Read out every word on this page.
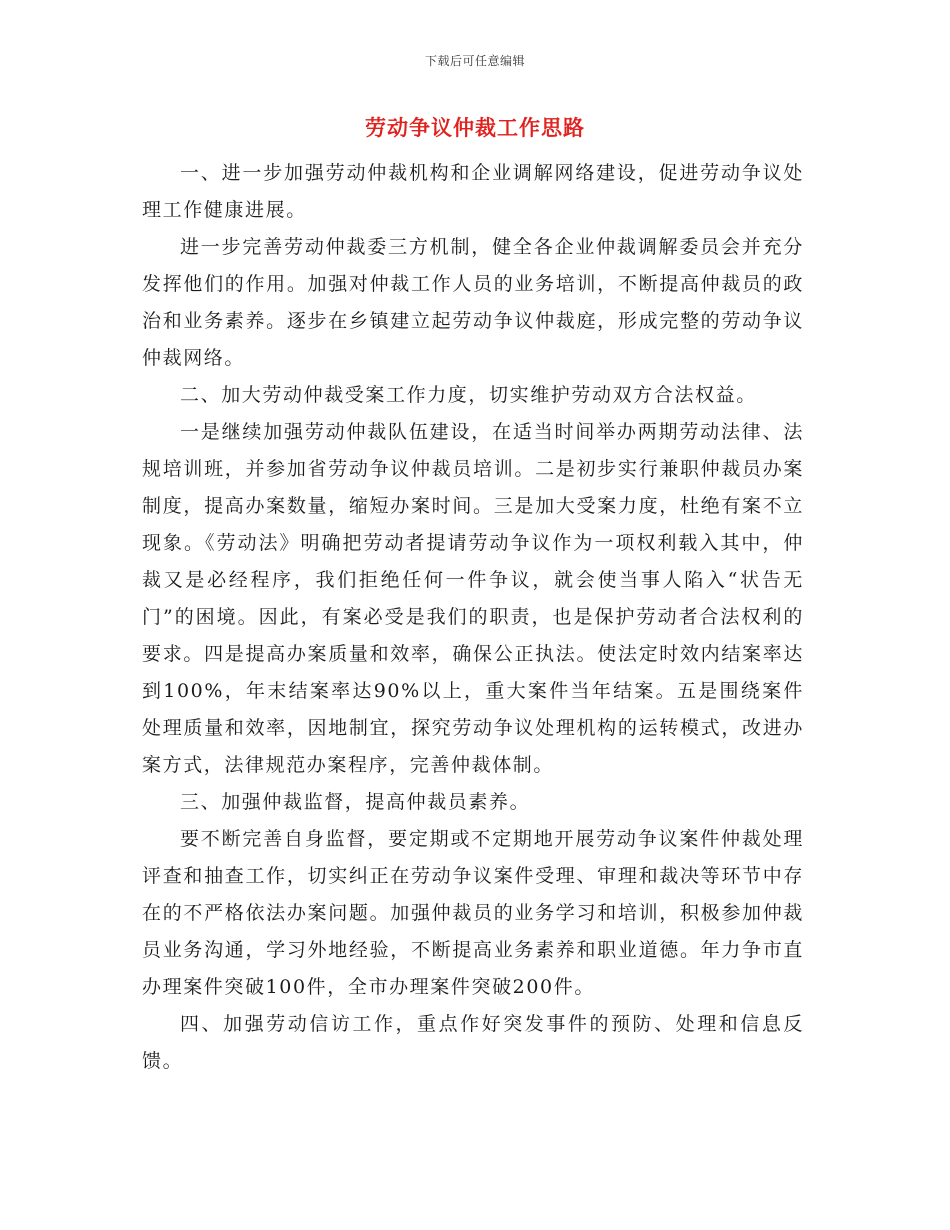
下载后可任意编辑
劳动争议仲裁工作思路

一、进一步加强劳动仲裁机构和企业调解网络建设，促进劳动争议处理工作健康进展。

进一步完善劳动仲裁委三方机制，健全各企业仲裁调解委员会并充分发挥他们的作用。加强对仲裁工作人员的业务培训，不断提高仲裁员的政治和业务素养。逐步在乡镇建立起劳动争议仲裁庭，形成完整的劳动争议仲裁网络。

二、加大劳动仲裁受案工作力度，切实维护劳动双方合法权益。

一是继续加强劳动仲裁队伍建设，在适当时间举办两期劳动法律、法规培训班，并参加省劳动争议仲裁员培训。二是初步实行兼职仲裁员办案制度，提高办案数量，缩短办案时间。三是加大受案力度，杜绝有案不立现象。《劳动法》明确把劳动者提请劳动争议作为一项权利载入其中，仲裁又是必经程序，我们拒绝任何一件争议，就会使当事人陷入“状告无门”的困境。因此，有案必受是我们的职责，也是保护劳动者合法权利的要求。四是提高办案质量和效率，确保公正执法。使法定时效内结案率达到100%，年末结案率达90%以上，重大案件当年结案。五是围绕案件处理质量和效率，因地制宜，探究劳动争议处理机构的运转模式，改进办案方式，法律规范办案程序，完善仲裁体制。

三、加强仲裁监督，提高仲裁员素养。

要不断完善自身监督，要定期或不定期地开展劳动争议案件仲裁处理评查和抽查工作，切实纠正在劳动争议案件受理、审理和裁决等环节中存在的不严格依法办案问题。加强仲裁员的业务学习和培训，积极参加仲裁员业务沟通，学习外地经验，不断提高业务素养和职业道德。年力争市直办理案件突破100件，全市办理案件突破200件。

四、加强劳动信访工作，重点作好突发事件的预防、处理和信息反馈。
